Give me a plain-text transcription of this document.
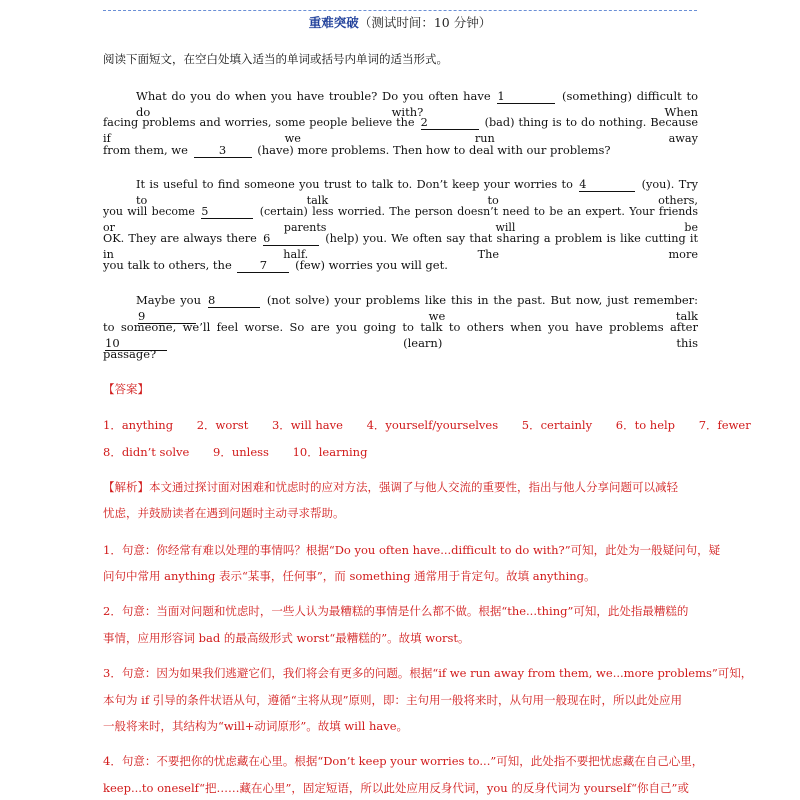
重难突破（测试时间：10 分钟）
阅读下面短文，在空白处填入适当的单词或括号内单词的适当形式。
What do you do when you have trouble? Do you often have 1	(something) difficult to do with? When
facing problems and worries, some people believe the 2	(bad) thing is to do nothing. Because if we run away
from them, we	3	(have) more problems. Then how to deal with our problems?
It is useful to find someone you trust to talk to. Don’t keep your worries to 4	(you). Try to talk to others,
you will become 5	(certain) less worried. The person doesn’t need to be an expert. Your friends or parents will be
OK. They are always there 6	(help) you. We often say that sharing a problem is like cutting it in half. The more
you talk to others, the 7 (few) worries you will get.
Maybe you 8	(not solve) your problems like this in the past. But now, just remember: 9	we talk
to someone, we’ll feel worse. So are you going to talk to others when you have problems after 10	(learn) this
passage?
【答案】
1．anything 2．worst 3．will have 4．yourself/yourselves 5．certainly 6．to help 7．fewer
8．didn’t solve 9．unless 10．learning
【解析】本文通过探讨面对困难和忧虑时的应对方法，强调了与他人交流的重要性，指出与他人分享问题可以减轻
忧虑，并鼓励读者在遇到问题时主动寻求帮助。
1．句意：你经常有难以处理的事情吗？根据“Do you often have...difficult to do with?”可知，此处为一般疑问句，疑
问句中常用 anything 表示“某事，任何事”，而 something 通常用于肯定句。故填 anything。
2．句意：当面对问题和忧虑时，一些人认为最糟糕的事情是什么都不做。根据“the...thing”可知，此处指最糟糕的
事情，应用形容词 bad 的最高级形式 worst“最糟糕的”。故填 worst。
3．句意：因为如果我们逃避它们，我们将会有更多的问题。根据“if we run away from them, we...more problems”可知，
本句为 if 引导的条件状语从句，遵循“主将从现”原则，即：主句用一般将来时，从句用一般现在时，所以此处应用
一般将来时，其结构为“will+动词原形”。故填 will have。
4．句意：不要把你的忧虑藏在心里。根据“Don’t keep your worries to...”可知，此处指不要把忧虑藏在自己心里，
keep...to oneself“把……藏在心里”，固定短语，所以此处应用反身代词，you 的反身代词为 yourself“你自己”或
